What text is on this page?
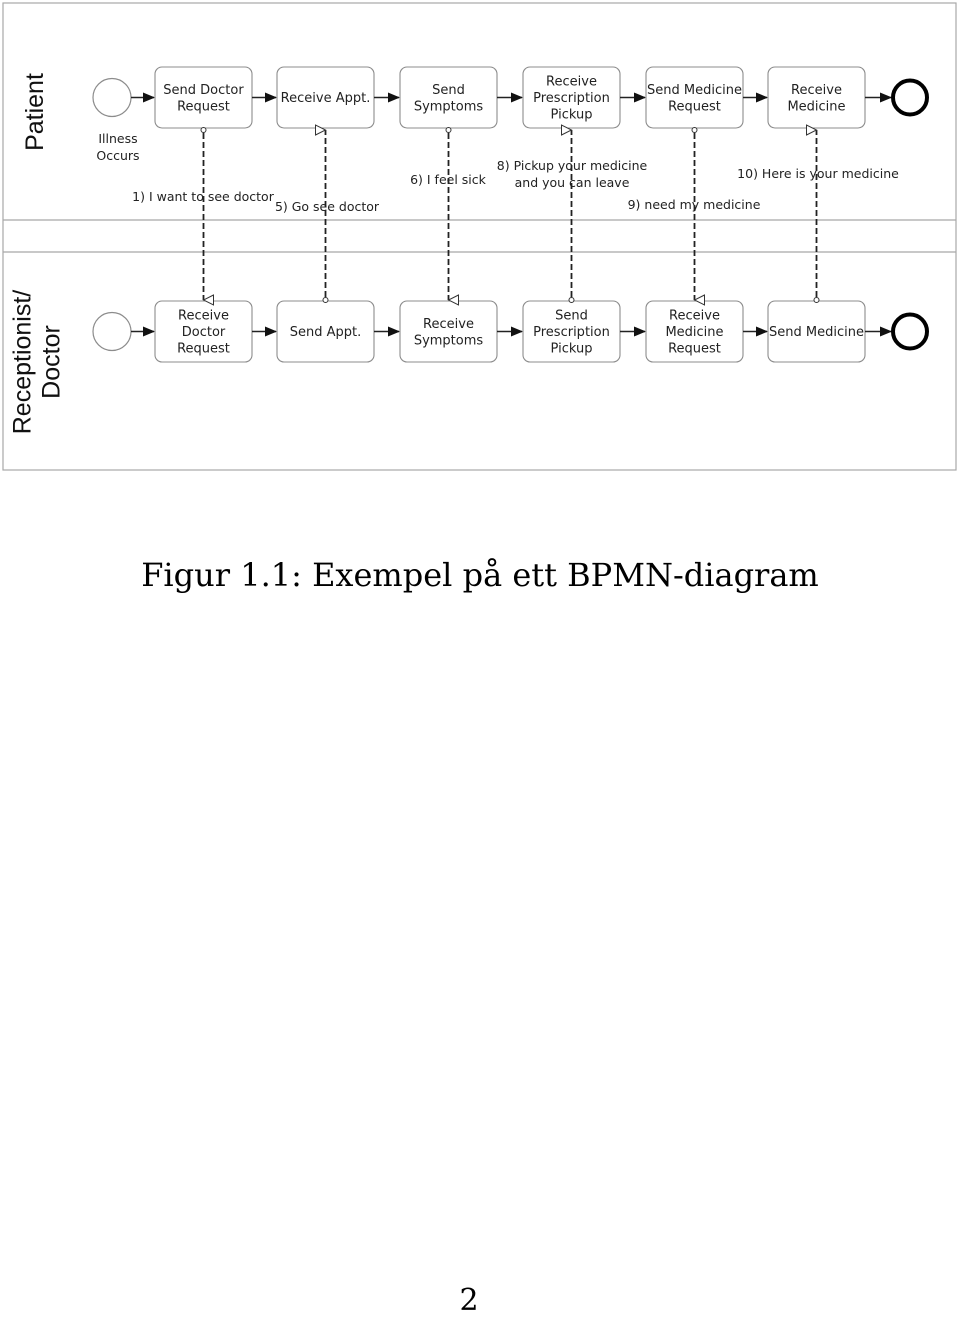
Patient	Illness Occurs
Send Doctor Request
Receive Appt.
Send Symptoms
Receive Prescription Pickup
Send Medicine Request
Receive Medicine
Receptionist/Doctor
Receive Doctor Request
Send Appt.
Receive Symptoms
Send Prescription Pickup
Receive Medicine Request
Send Medicine
1) I want to see doctor
5) Go see doctor
6) I feel sick
8) Pickup your medicine and you can leave
9) need my medicine
10) Here is your medicine
Figur 1.1: Exempel på ett BPMN-diagram
2
